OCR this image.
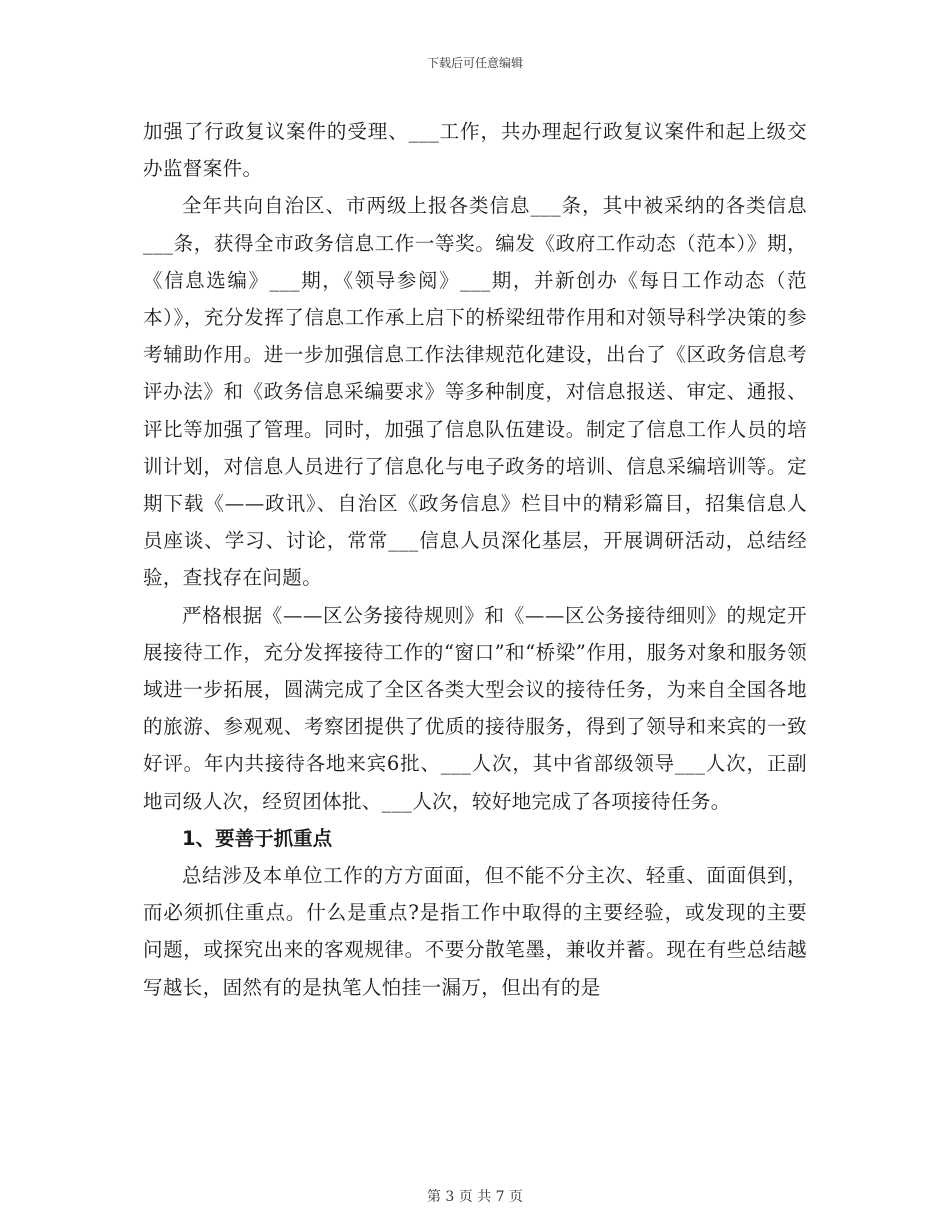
下载后可任意编辑

加强了行政复议案件的受理、___工作，共办理起行政复议案件和起上级交办监督案件。

全年共向自治区、市两级上报各类信息___条，其中被采纳的各类信息___条，获得全市政务信息工作一等奖。编发《政府工作动态（范本）》期，《信息选编》___期，《领导参阅》___期，并新创办《每日工作动态（范本）》，充分发挥了信息工作承上启下的桥梁纽带作用和对领导科学决策的参考辅助作用。进一步加强信息工作法律规范化建设，出台了《区政务信息考评办法》和《政务信息采编要求》等多种制度，对信息报送、审定、通报、评比等加强了管理。同时，加强了信息队伍建设。制定了信息工作人员的培训计划，对信息人员进行了信息化与电子政务的培训、信息采编培训等。定期下载《——政讯》、自治区《政务信息》栏目中的精彩篇目，招集信息人员座谈、学习、讨论，常常___信息人员深化基层，开展调研活动，总结经验，查找存在问题。

严格根据《——区公务接待规则》和《——区公务接待细则》的规定开展接待工作，充分发挥接待工作的“窗口”和“桥梁”作用，服务对象和服务领域进一步拓展，圆满完成了全区各类大型会议的接待任务，为来自全国各地的旅游、参观观、考察团提供了优质的接待服务，得到了领导和来宾的一致好评。年内共接待各地来宾6批、___人次，其中省部级领导___人次，正副地司级人次，经贸团体批、___人次，较好地完成了各项接待任务。

1、要善于抓重点

总结涉及本单位工作的方方面面，但不能不分主次、轻重、面面俱到，而必须抓住重点。什么是重点?是指工作中取得的主要经验，或发现的主要问题，或探究出来的客观规律。不要分散笔墨，兼收并蓄。现在有些总结越写越长，固然有的是执笔人怕挂一漏万，但出有的是

第 3 页 共 7 页
